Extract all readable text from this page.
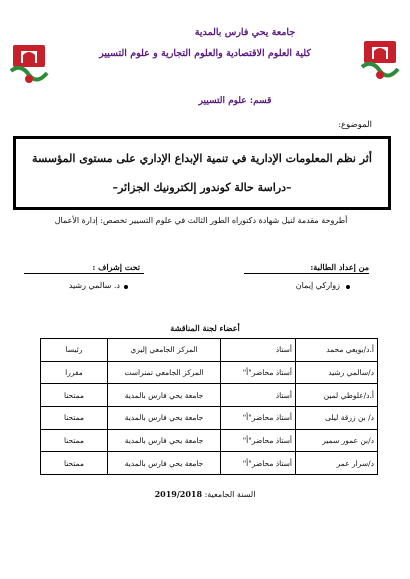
جامعة يحي فارس بالمدية
كلية العلوم الاقتصادية والعلوم التجارية و علوم التسيير
قسم: علوم التسيير
الموضوع:
أثر نظم المعلومات الإدارية في تنمية الإبداع الإداري على مستوى المؤسسة
–دراسة حالة كوندور إلكترونيك الجزائر–
أطروحة مقدمة لنيل شهادة دكتوراه الطور الثالث في علوم التسيير تخصص: إدارة الأعمال
من إعداد الطالبة:
تحت إشراف :
زواركي إيمان
د. سالمي رشيد
أعضاء لجنة المناقشة
أ.د/بويعي محمد	أستاذ	المركز الجامعي إليزي	رئيسا
د/سالمي رشيد	أستاذ محاضر"أ"	المركز الجامعي تمنراست	مقررا
أ.د/علوطي لمين	أستاذ	جامعة يحي فارس بالمدية	ممتحنا
د/ بن زرقة ليلى	أستاذ محاضر"أ"	جامعة يحي فارس بالمدية	ممتحنا
د/بن عمور سمير	أستاذ محاضر"أ"	جامعة يحي فارس بالمدية	ممتحنا
د/سرار عمر	أستاذ محاضر"أ"	جامعة يحي فارس بالمدية	ممتحنا
السنة الجامعية: 2019/2018
